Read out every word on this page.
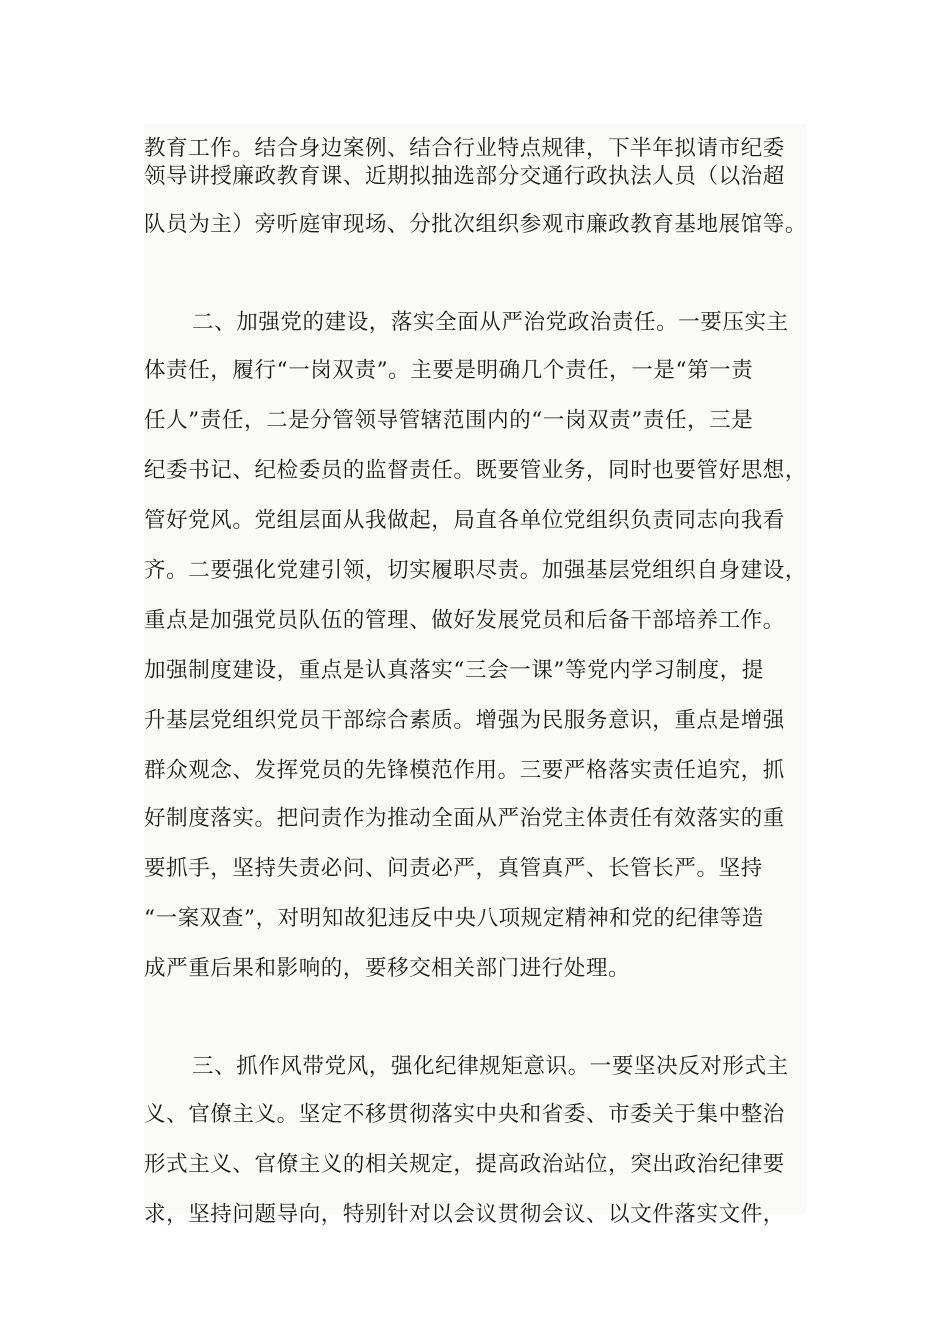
教育工作。结合身边案例、结合行业特点规律，下半年拟请市纪委
领导讲授廉政教育课、近期拟抽选部分交通行政执法人员（以治超
队员为主）旁听庭审现场、分批次组织参观市廉政教育基地展馆等。
二、加强党的建设，落实全面从严治党政治责任。一要压实主
体责任，履行“一岗双责”。主要是明确几个责任，一是“第一责
任人”责任，二是分管领导管辖范围内的“一岗双责”责任，三是
纪委书记、纪检委员的监督责任。既要管业务，同时也要管好思想，
管好党风。党组层面从我做起，局直各单位党组织负责同志向我看
齐。二要强化党建引领，切实履职尽责。加强基层党组织自身建设，
重点是加强党员队伍的管理、做好发展党员和后备干部培养工作。
加强制度建设，重点是认真落实“三会一课”等党内学习制度，提
升基层党组织党员干部综合素质。增强为民服务意识，重点是增强
群众观念、发挥党员的先锋模范作用。三要严格落实责任追究，抓
好制度落实。把问责作为推动全面从严治党主体责任有效落实的重
要抓手，坚持失责必问、问责必严，真管真严、长管长严。坚持
“一案双查”，对明知故犯违反中央八项规定精神和党的纪律等造
成严重后果和影响的，要移交相关部门进行处理。
三、抓作风带党风，强化纪律规矩意识。一要坚决反对形式主
义、官僚主义。坚定不移贯彻落实中央和省委、市委关于集中整治
形式主义、官僚主义的相关规定，提高政治站位，突出政治纪律要
求，坚持问题导向，特别针对以会议贯彻会议、以文件落实文件，
